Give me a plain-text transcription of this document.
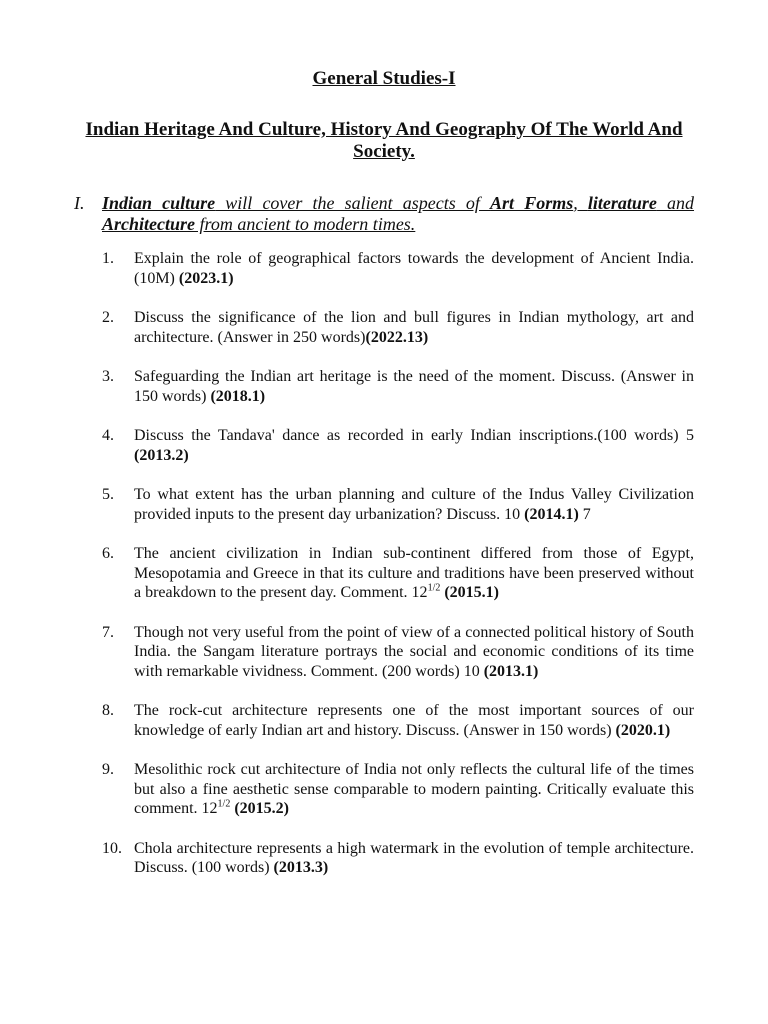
General Studies-I
Indian Heritage And Culture, History And Geography Of The World And Society.
I. Indian culture will cover the salient aspects of Art Forms, literature and Architecture from ancient to modern times.
1.	Explain the role of geographical factors towards the development of Ancient India. (10M) (2023.1)
2.	Discuss the significance of the lion and bull figures in Indian mythology, art and architecture. (Answer in 250 words)(2022.13)
3.	Safeguarding the Indian art heritage is the need of the moment. Discuss. (Answer in 150 words) (2018.1)
4.	Discuss the Tandava' dance as recorded in early Indian inscriptions.(100 words) 5 (2013.2)
5.	To what extent has the urban planning and culture of the Indus Valley Civilization provided inputs to the present day urbanization? Discuss. 10 (2014.1) 7
6.	The ancient civilization in Indian sub-continent differed from those of Egypt, Mesopotamia and Greece in that its culture and traditions have been preserved without a breakdown to the present day. Comment. $12^{1/2}$ (2015.1)
7.	Though not very useful from the point of view of a connected political history of South India. the Sangam literature portrays the social and economic conditions of its time with remarkable vividness. Comment. (200 words) 10 (2013.1)
8.	The rock-cut architecture represents one of the most important sources of our knowledge of early Indian art and history. Discuss. (Answer in 150 words) (2020.1)
9.	Mesolithic rock cut architecture of India not only reflects the cultural life of the times but also a fine aesthetic sense comparable to modern painting. Critically evaluate this comment. $12^{1/2}$ (2015.2)
10. Chola architecture represents a high watermark in the evolution of temple architecture. Discuss. (100 words) (2013.3)
